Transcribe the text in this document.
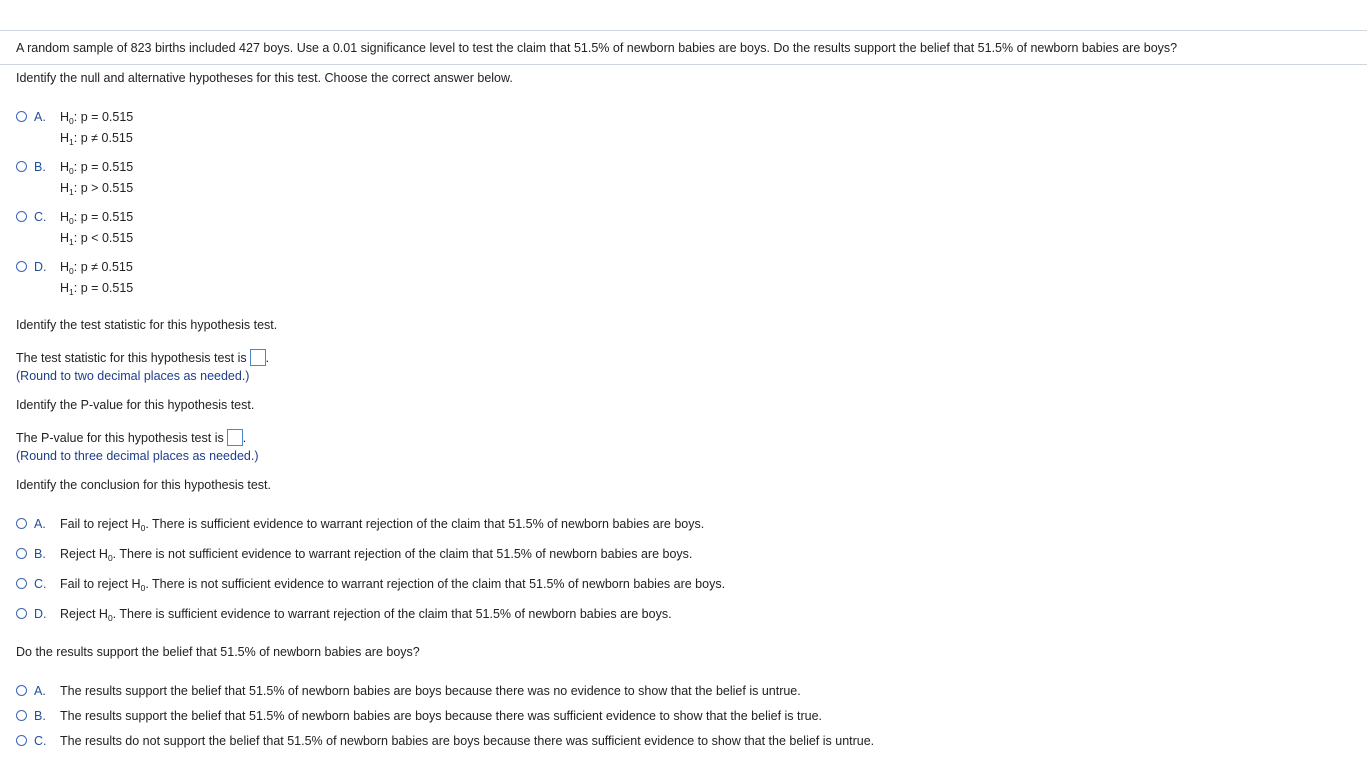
A random sample of 823 births included 427 boys. Use a 0.01 significance level to test the claim that 51.5% of newborn babies are boys. Do the results support the belief that 51.5% of newborn babies are boys?
Identify the null and alternative hypotheses for this test. Choose the correct answer below.
A.	$H_0$: p = 0.515
$H_1$: p ≠ 0.515
B.	$H_0$: p = 0.515
$H_1$: p > 0.515
C.	$H_0$: p = 0.515
$H_1$: p < 0.515
D.	$H_0$: p ≠ 0.515
$H_1$: p = 0.515
Identify the test statistic for this hypothesis test.
The test statistic for this hypothesis test is .
(Round to two decimal places as needed.)
Identify the P-value for this hypothesis test.
The P-value for this hypothesis test is .
(Round to three decimal places as needed.)
Identify the conclusion for this hypothesis test.
A.	Fail to reject $H_0$. There is sufficient evidence to warrant rejection of the claim that 51.5% of newborn babies are boys.
B.	Reject $H_0$. There is not sufficient evidence to warrant rejection of the claim that 51.5% of newborn babies are boys.
C.	Fail to reject $H_0$. There is not sufficient evidence to warrant rejection of the claim that 51.5% of newborn babies are boys.
D.	Reject $H_0$. There is sufficient evidence to warrant rejection of the claim that 51.5% of newborn babies are boys.
Do the results support the belief that 51.5% of newborn babies are boys?
A.	The results support the belief that 51.5% of newborn babies are boys because there was no evidence to show that the belief is untrue.
B.	The results support the belief that 51.5% of newborn babies are boys because there was sufficient evidence to show that the belief is true.
C.	The results do not support the belief that 51.5% of newborn babies are boys because there was sufficient evidence to show that the belief is untrue.
